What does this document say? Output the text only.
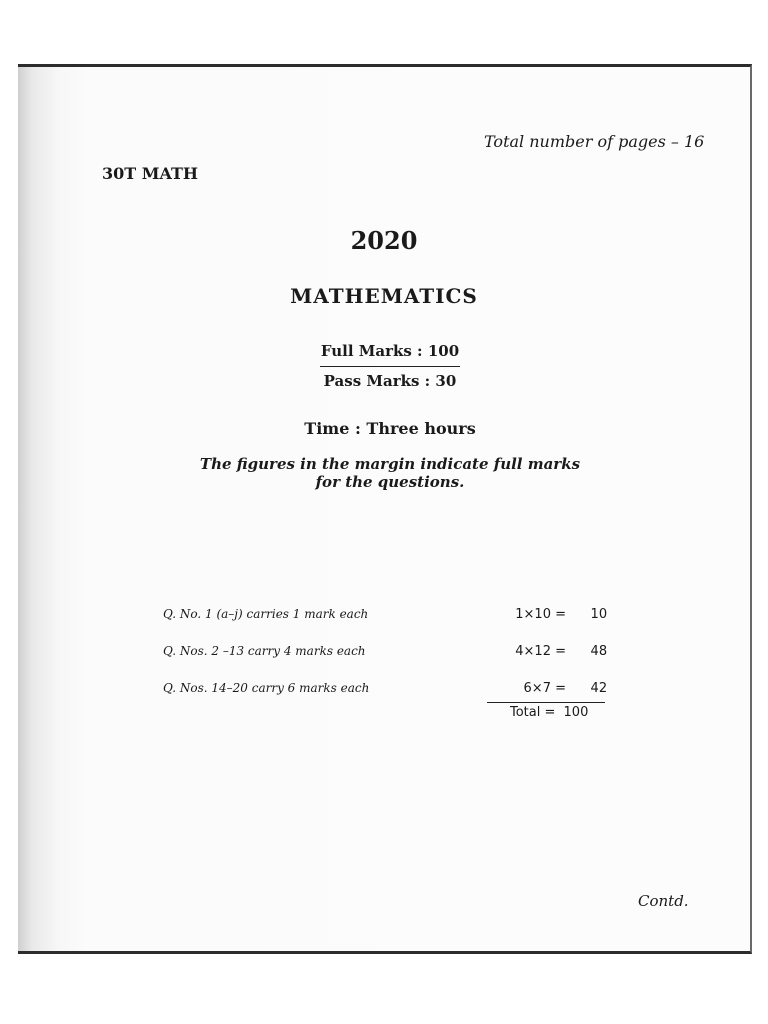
Total number of pages – 16
30T MATH
2020
MATHEMATICS
Full Marks : 100
Pass Marks : 30
Time : Three hours
The figures in the margin indicate full marks
for the questions.
Q. No. 1 (a–j) carries 1 mark each	1×10 = 10
Q. Nos. 2 –13 carry 4 marks each	4×12 = 48
Q. Nos. 14–20 carry 6 marks each	6×7 = 42
Total = 100
Contd.
